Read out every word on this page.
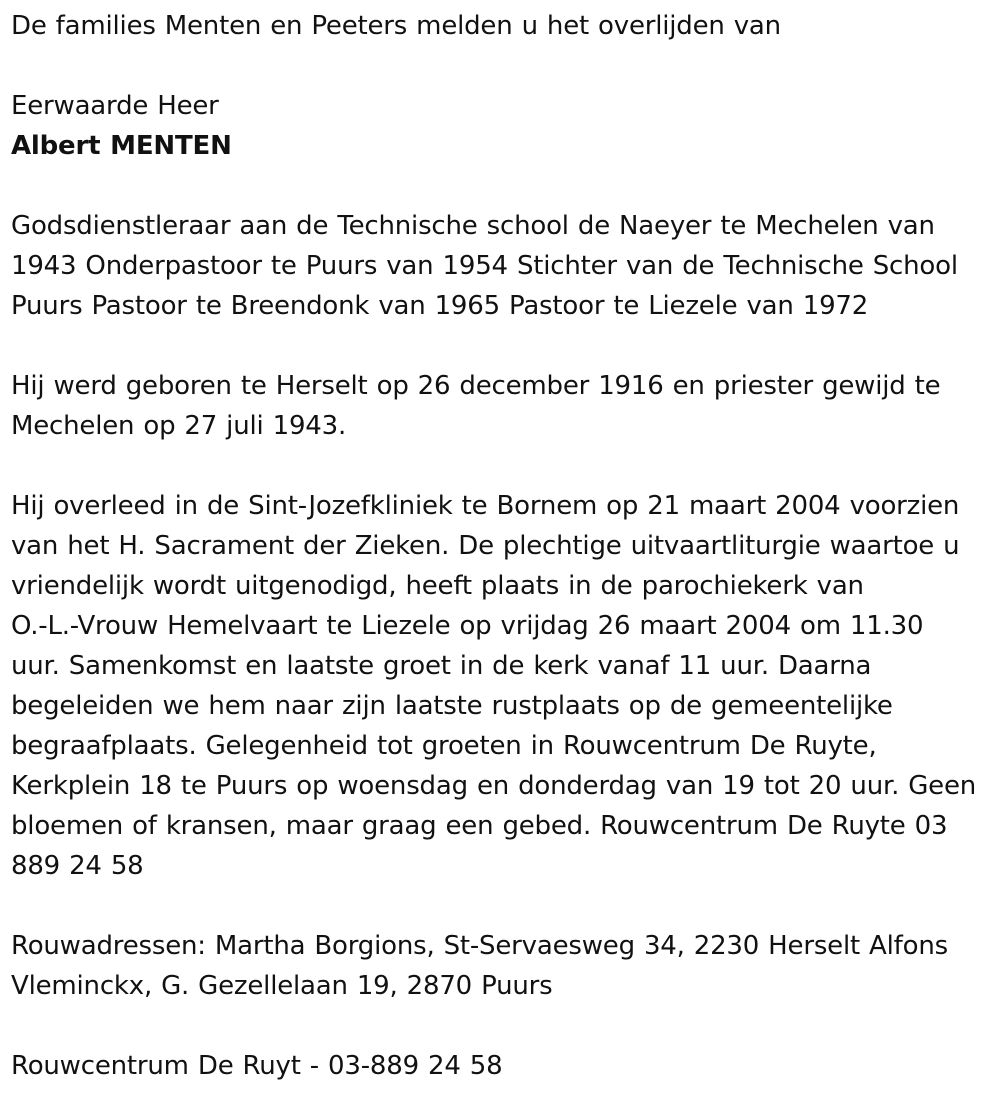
De families Menten en Peeters melden u het overlijden van

Eerwaarde Heer

Albert MENTEN

Godsdienstleraar aan de Technische school de Naeyer te Mechelen van

1943 Onderpastoor te Puurs van 1954 Stichter van de Technische School

Puurs Pastoor te Breendonk van 1965 Pastoor te Liezele van 1972

Hij werd geboren te Herselt op 26 december 1916 en priester gewijd te

Mechelen op 27 juli 1943.

Hij overleed in de Sint-Jozefkliniek te Bornem op 21 maart 2004 voorzien

van het H. Sacrament der Zieken. De plechtige uitvaartliturgie waartoe u

vriendelijk wordt uitgenodigd, heeft plaats in de parochiekerk van

O.-L.-Vrouw Hemelvaart te Liezele op vrijdag 26 maart 2004 om 11.30

uur. Samenkomst en laatste groet in de kerk vanaf 11 uur. Daarna

begeleiden we hem naar zijn laatste rustplaats op de gemeentelijke

begraafplaats. Gelegenheid tot groeten in Rouwcentrum De Ruyte,

Kerkplein 18 te Puurs op woensdag en donderdag van 19 tot 20 uur. Geen

bloemen of kransen, maar graag een gebed. Rouwcentrum De Ruyte 03

889 24 58

Rouwadressen: Martha Borgions, St-Servaesweg 34, 2230 Herselt Alfons

Vleminckx, G. Gezellelaan 19, 2870 Puurs

Rouwcentrum De Ruyt - 03-889 24 58
